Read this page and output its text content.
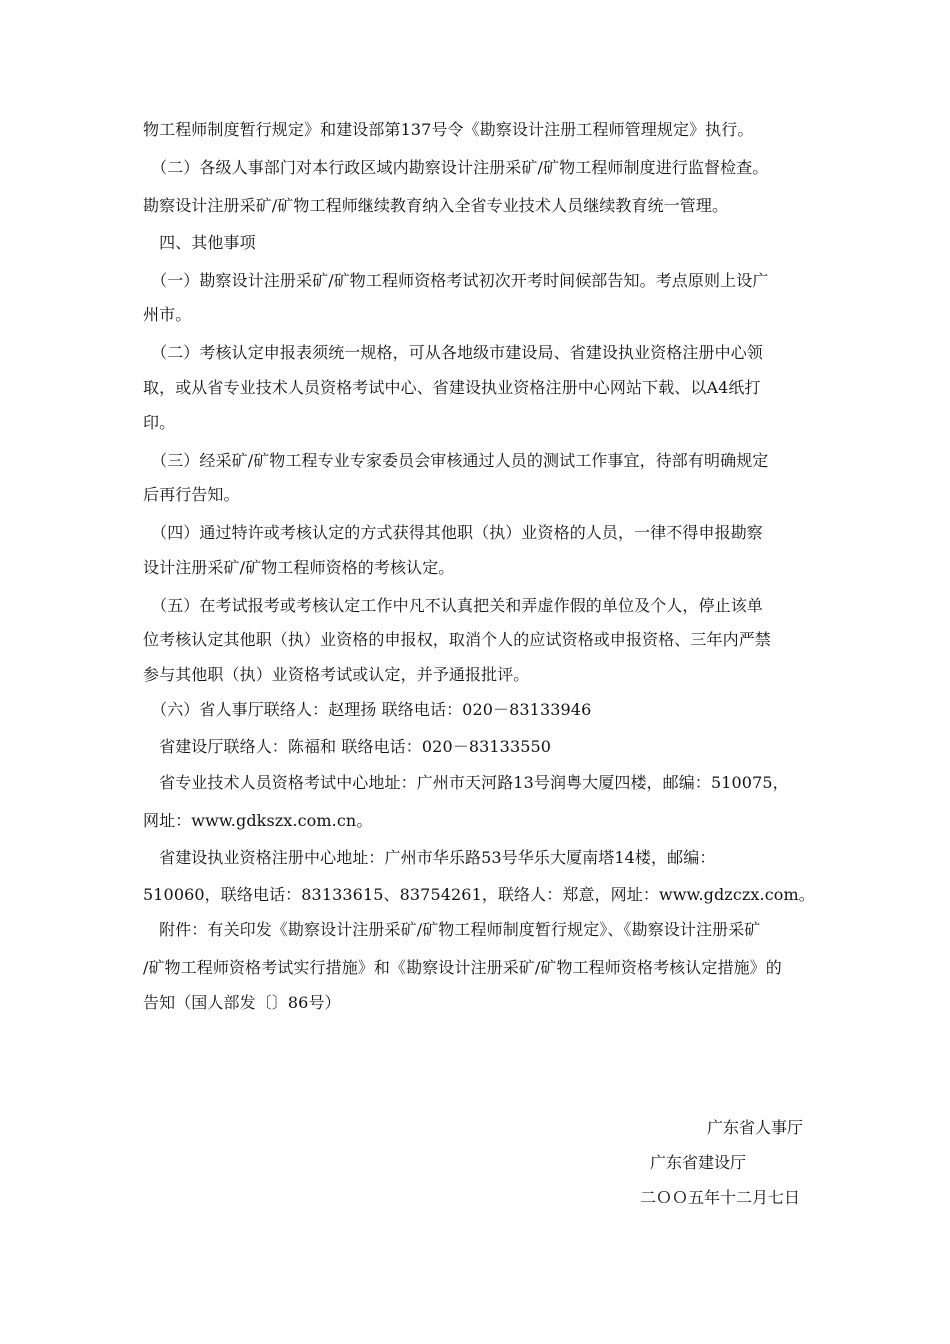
物工程师制度暂行规定》和建设部第137号令《勘察设计注册工程师管理规定》执行。
　（二）各级人事部门对本行政区域内勘察设计注册采矿/矿物工程师制度进行监督检查。
勘察设计注册采矿/矿物工程师继续教育纳入全省专业技术人员继续教育统一管理。
　四、其他事项
　（一）勘察设计注册采矿/矿物工程师资格考试初次开考时间候部告知。考点原则上设广
州市。
　（二）考核认定申报表须统一规格，可从各地级市建设局、省建设执业资格注册中心领
取，或从省专业技术人员资格考试中心、省建设执业资格注册中心网站下载、以A4纸打
印。
　（三）经采矿/矿物工程专业专家委员会审核通过人员的测试工作事宜，待部有明确规定
后再行告知。
　（四）通过特许或考核认定的方式获得其他职（执）业资格的人员，一律不得申报勘察
设计注册采矿/矿物工程师资格的考核认定。
　（五）在考试报考或考核认定工作中凡不认真把关和弄虚作假的单位及个人，停止该单
位考核认定其他职（执）业资格的申报权，取消个人的应试资格或申报资格、三年内严禁
参与其他职（执）业资格考试或认定，并予通报批评。
　（六）省人事厅联络人：赵理扬 联络电话：020－83133946
　省建设厅联络人：陈福和 联络电话：020－83133550
　省专业技术人员资格考试中心地址：广州市天河路13号润粤大厦四楼，邮编：510075，
网址：www.gdkszx.com.cn。
　省建设执业资格注册中心地址：广州市华乐路53号华乐大厦南塔14楼，邮编：
510060，联络电话：83133615、83754261，联络人：郑意，网址：www.gdzczx.com。
　附件：有关印发《勘察设计注册采矿/矿物工程师制度暂行规定》、《勘察设计注册采矿
/矿物工程师资格考试实行措施》和《勘察设计注册采矿/矿物工程师资格考核认定措施》的
告知（国人部发〔〕86号）
广东省人事厅
广东省建设厅
二ＯＯ五年十二月七日
